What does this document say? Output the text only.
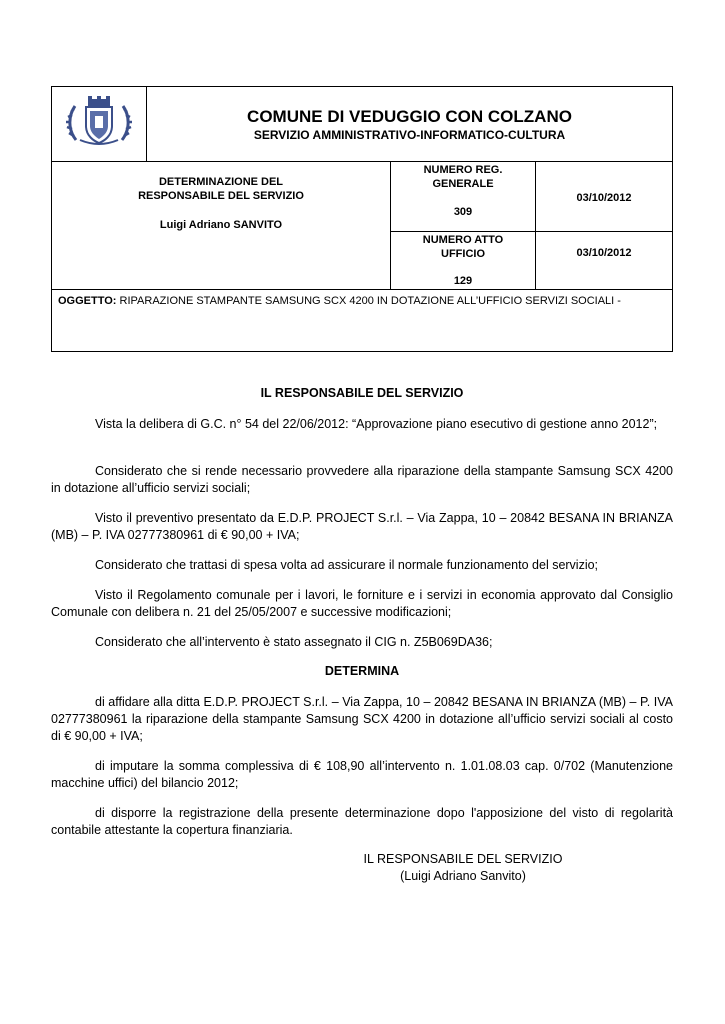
COMUNE DI VEDUGGIO CON COLZANO
SERVIZIO AMMINISTRATIVO-INFORMATICO-CULTURA
DETERMINAZIONE DEL
RESPONSABILE DEL SERVIZIO
Luigi Adriano SANVITO
NUMERO REG.
GENERALE
309
03/10/2012
NUMERO ATTO
UFFICIO
129
03/10/2012
OGGETTO: RIPARAZIONE STAMPANTE SAMSUNG SCX 4200 IN DOTAZIONE ALL’UFFICIO SERVIZI SOCIALI -
IL RESPONSABILE DEL SERVIZIO
Vista la delibera di G.C. n° 54 del 22/06/2012: “Approvazione piano esecutivo di gestione anno 2012”;
Considerato che si rende necessario provvedere alla riparazione della stampante Samsung SCX 4200 in dotazione all’ufficio servizi sociali;
Visto il preventivo presentato da E.D.P. PROJECT S.r.l. – Via Zappa, 10 – 20842 BESANA IN BRIANZA (MB) – P. IVA 02777380961 di € 90,00 + IVA;
Considerato che trattasi di spesa volta ad assicurare il normale funzionamento del servizio;
Visto il Regolamento comunale per i lavori, le forniture e i servizi in economia approvato dal Consiglio Comunale con delibera n. 21 del 25/05/2007 e successive modificazioni;
Considerato che all’intervento è stato assegnato il CIG n. Z5B069DA36;
DETERMINA
di affidare alla ditta E.D.P. PROJECT S.r.l. – Via Zappa, 10 – 20842 BESANA IN BRIANZA (MB) – P. IVA 02777380961 la riparazione della stampante Samsung SCX 4200 in dotazione all’ufficio servizi sociali al costo di € 90,00 + IVA;
di imputare la somma complessiva di € 108,90 all’intervento n. 1.01.08.03 cap. 0/702 (Manutenzione macchine uffici) del bilancio 2012;
di disporre la registrazione della presente determinazione dopo l'apposizione del visto di regolarità contabile attestante la copertura finanziaria.
IL RESPONSABILE DEL SERVIZIO
(Luigi Adriano Sanvito)
